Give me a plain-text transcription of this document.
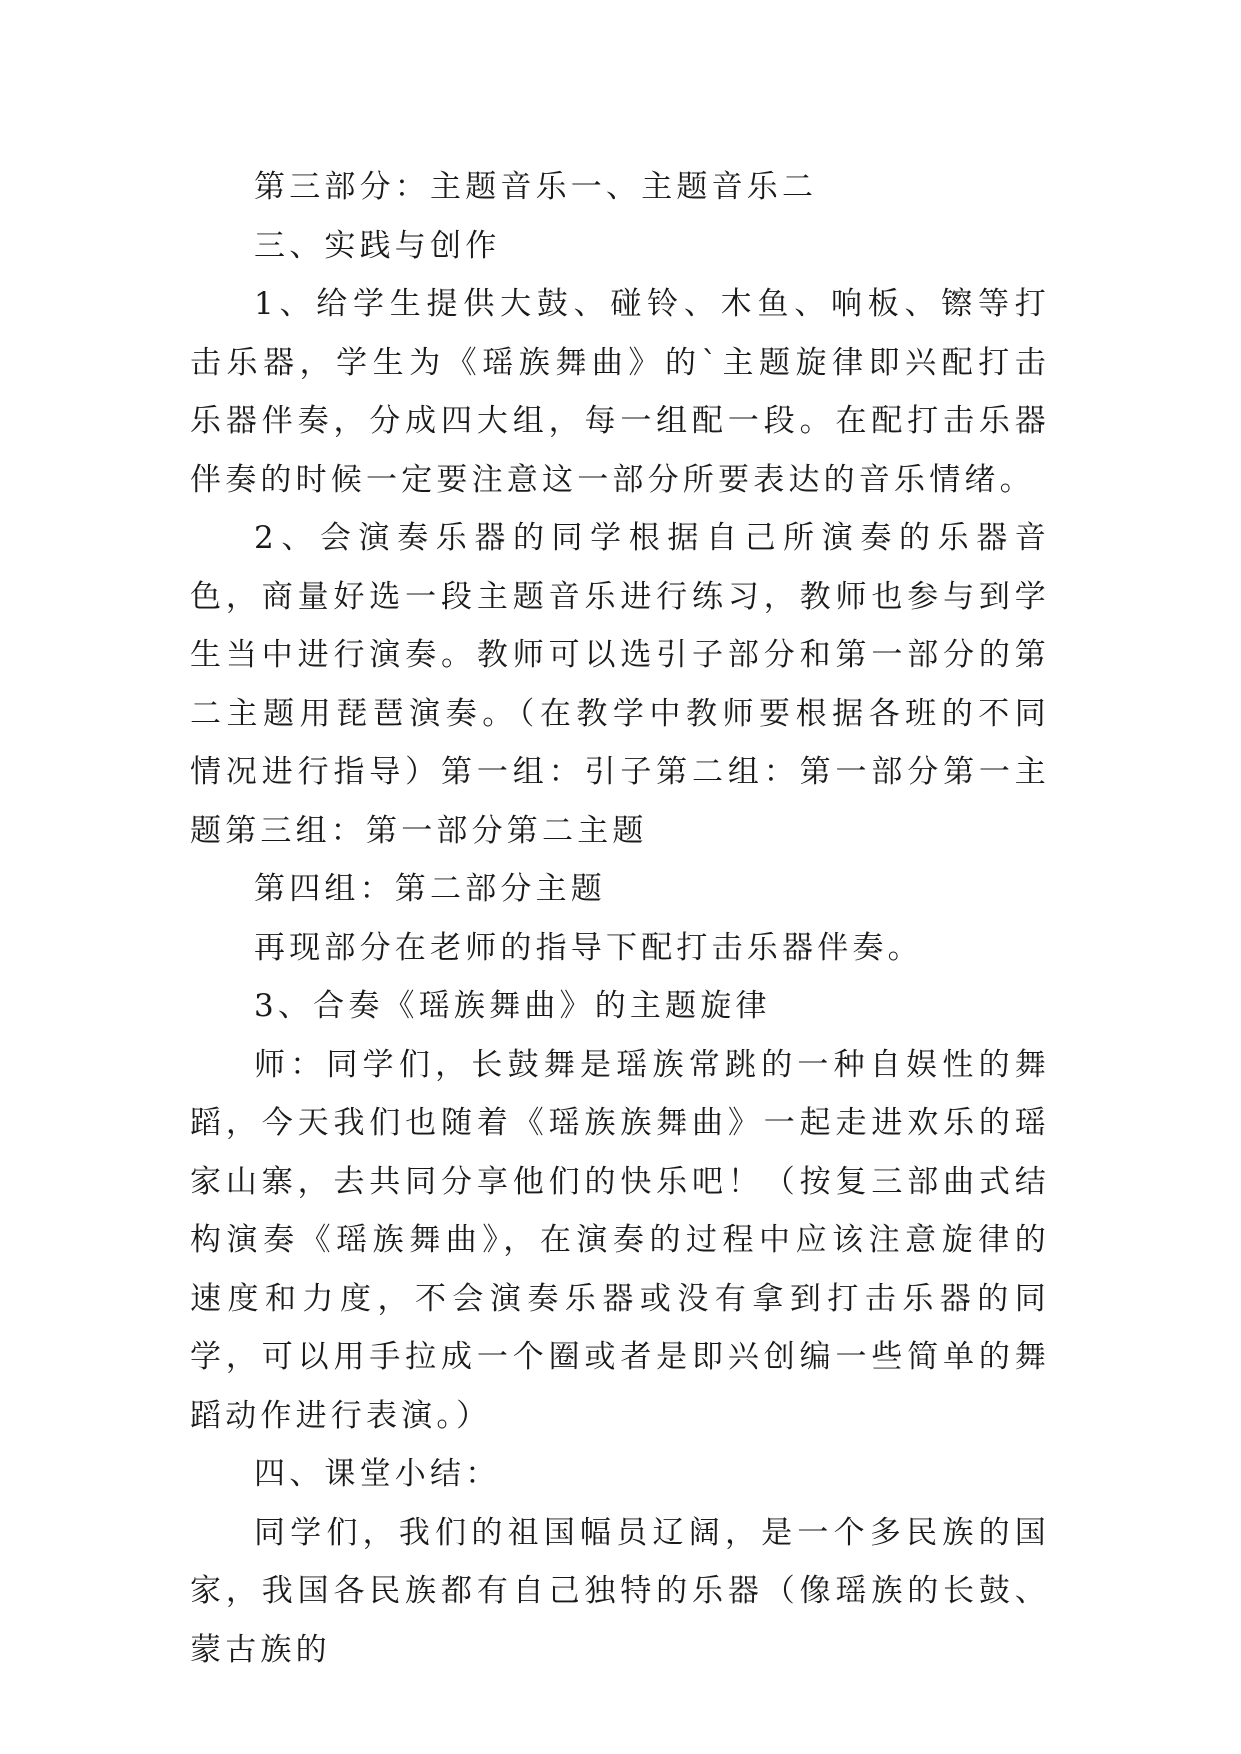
第三部分：主题音乐一、主题音乐二

三、实践与创作

1、给学生提供大鼓、碰铃、木鱼、响板、镲等打击乐器，学生为《瑶族舞曲》的`主题旋律即兴配打击乐器伴奏，分成四大组，每一组配一段。在配打击乐器伴奏的时候一定要注意这一部分所要表达的音乐情绪。

2、会演奏乐器的同学根据自己所演奏的乐器音色，商量好选一段主题音乐进行练习，教师也参与到学生当中进行演奏。教师可以选引子部分和第一部分的第二主题用琵琶演奏。（在教学中教师要根据各班的不同情况进行指导）第一组：引子第二组：第一部分第一主题第三组：第一部分第二主题

第四组：第二部分主题

再现部分在老师的指导下配打击乐器伴奏。

3、合奏《瑶族舞曲》的主题旋律

师：同学们，长鼓舞是瑶族常跳的一种自娱性的舞蹈，今天我们也随着《瑶族族舞曲》一起走进欢乐的瑶家山寨，去共同分享他们的快乐吧！（按复三部曲式结构演奏《瑶族舞曲》，在演奏的过程中应该注意旋律的速度和力度，不会演奏乐器或没有拿到打击乐器的同学，可以用手拉成一个圈或者是即兴创编一些简单的舞蹈动作进行表演。）

四、课堂小结：

同学们，我们的祖国幅员辽阔，是一个多民族的国家，我国各民族都有自己独特的乐器（像瑶族的长鼓、蒙古族的
